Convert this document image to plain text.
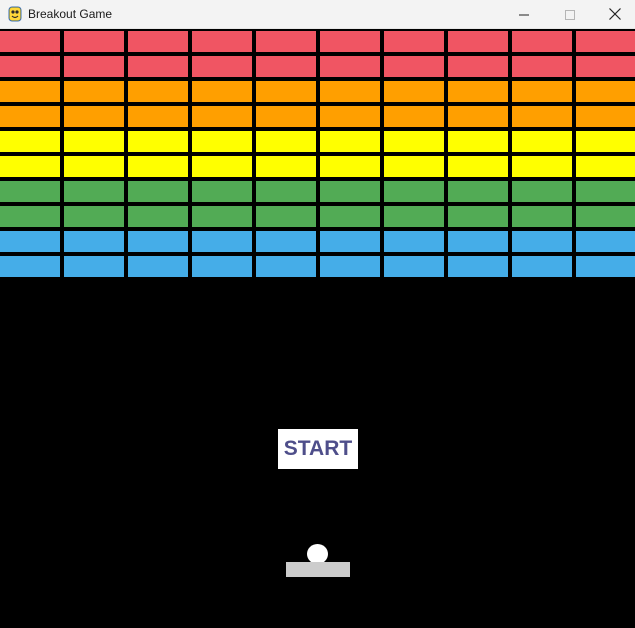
Breakout Game
START
